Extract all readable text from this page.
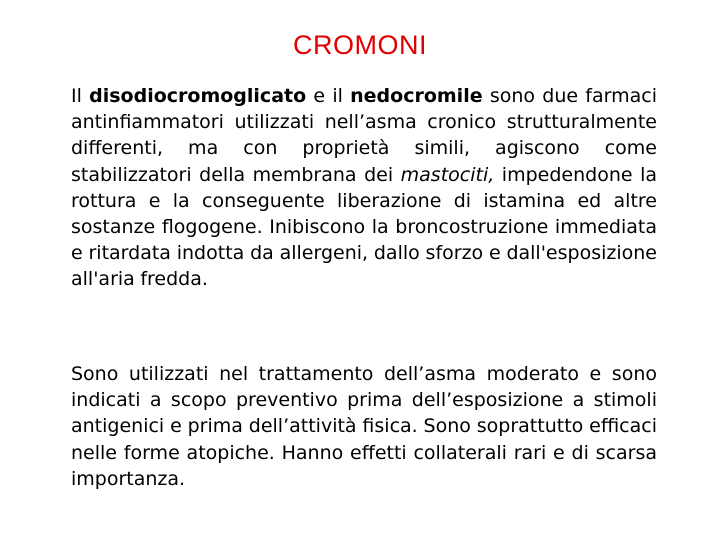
CROMONI

Il disodiocromoglicato e il nedocromile sono due farmaci antinfiammatori utilizzati nell’asma cronico strutturalmente differenti, ma con proprietà simili, agiscono come stabilizzatori della membrana dei mastociti, impedendone la rottura e la conseguente liberazione di istamina ed altre sostanze flogogene. Inibiscono la broncostruzione immediata e ritardata indotta da allergeni, dallo sforzo e dall'esposizione all'aria fredda.

Sono utilizzati nel trattamento dell’asma moderato e sono indicati a scopo preventivo prima dell’esposizione a stimoli antigenici e prima dell’attività fisica. Sono soprattutto efficaci nelle forme atopiche. Hanno effetti collaterali rari e di scarsa importanza.
